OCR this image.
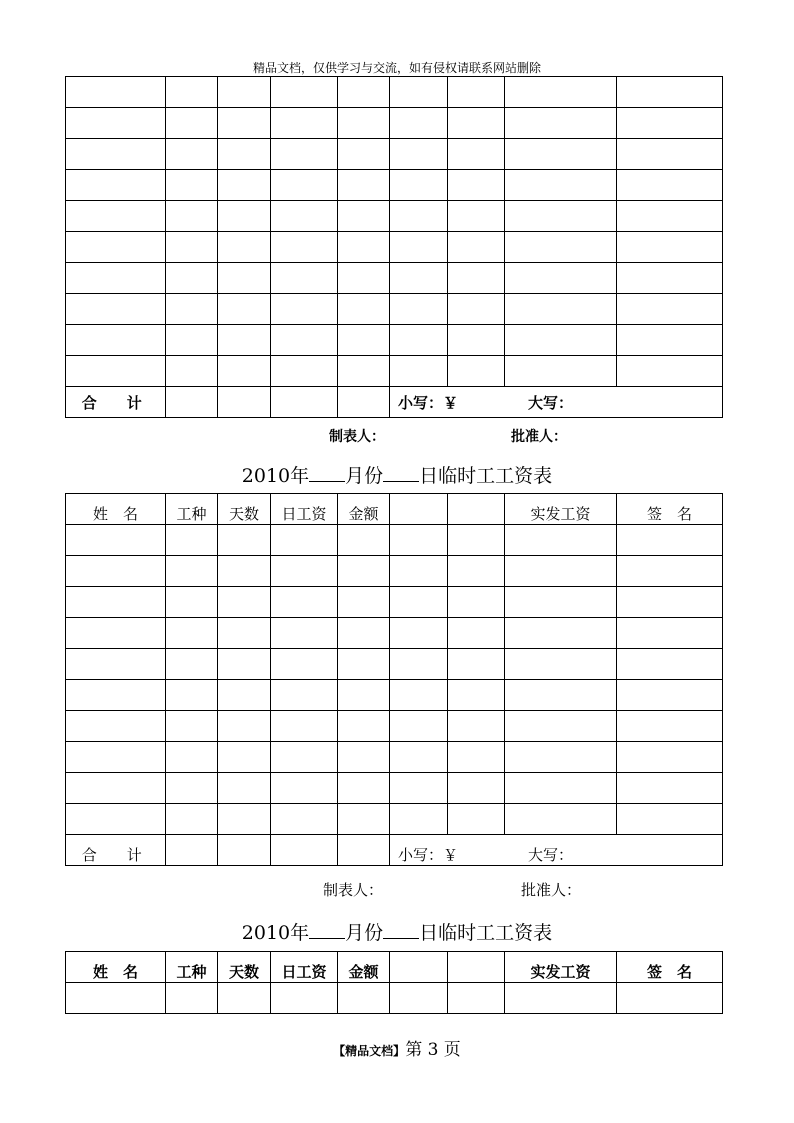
精品文档，仅供学习与交流，如有侵权请联系网站删除

合　计					小写：￥ 大写：			
制表人：	批准人：
2010年 月份 日临时工工资表
姓　名	工种	天数	日工资	金额			实发工资	签　名

合　计					小写：￥ 大写：			
制表人：	批准人：
2010年 月份 日临时工工资表
姓　名	工种	天数	日工资	金额			实发工资	签　名

【精品文档】第 3 页
